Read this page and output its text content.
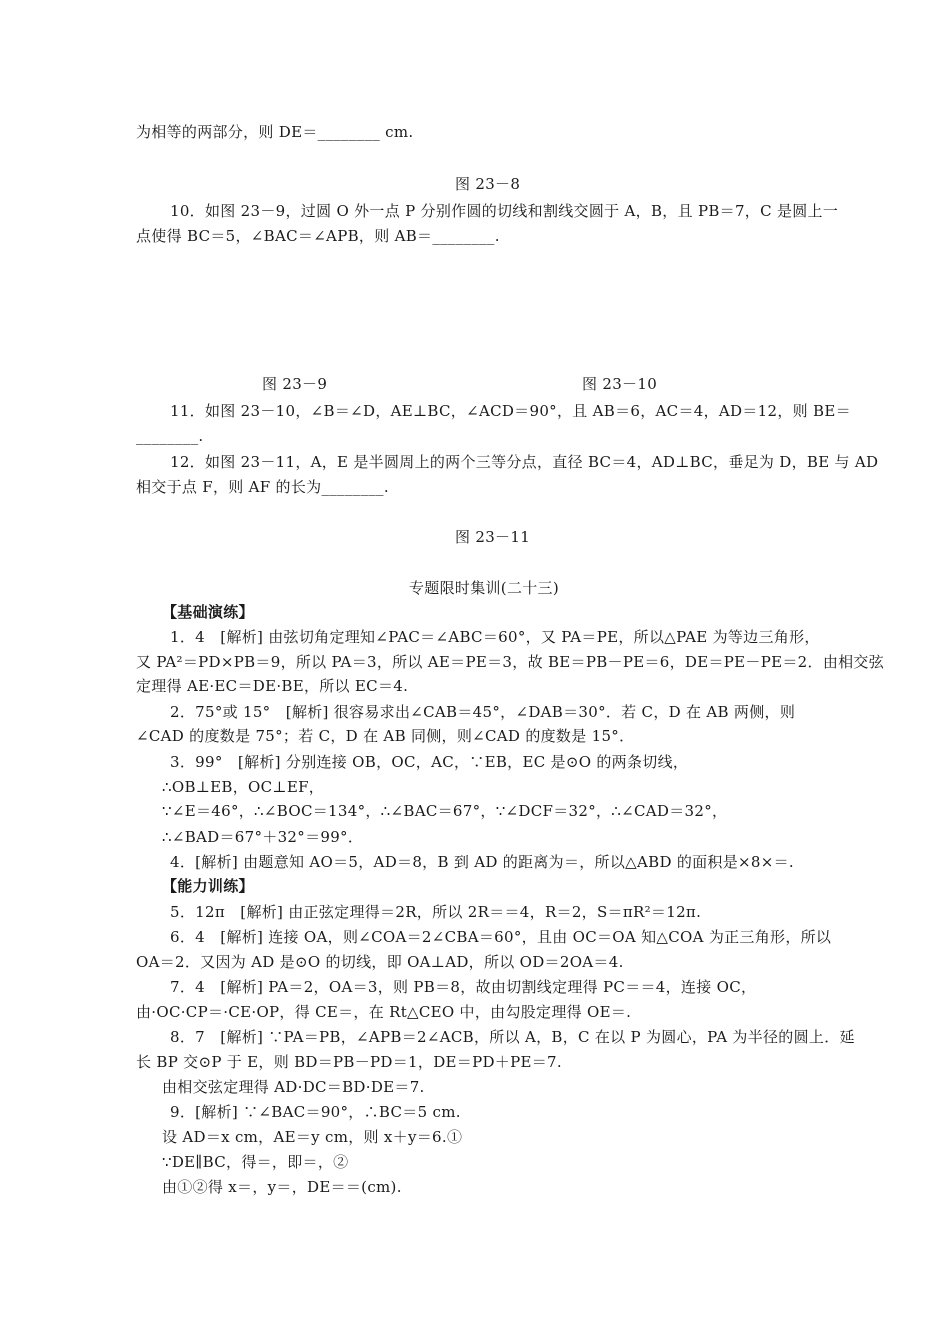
为相等的两部分，则 DE＝________ cm.
图 23－8
10．如图 23－9，过圆 O 外一点 P 分别作圆的切线和割线交圆于 A，B，且 PB＝7，C 是圆上一
点使得 BC＝5，∠BAC＝∠APB，则 AB＝________.
图 23－9	图 23－10
11．如图 23－10，∠B＝∠D，AE⊥BC，∠ACD＝90°，且 AB＝6，AC＝4，AD＝12，则 BE＝
________.
12．如图 23－11，A，E 是半圆周上的两个三等分点，直径 BC＝4，AD⊥BC，垂足为 D，BE 与 AD
相交于点 F，则 AF 的长为________.
图 23－11
专题限时集训(二十三)
【基础演练】
1．4　[解析] 由弦切角定理知∠PAC＝∠ABC＝60°，又 PA＝PE，所以△PAE 为等边三角形，
又 PA²＝PD×PB＝9，所以 PA＝3，所以 AE＝PE＝3，故 BE＝PB－PE＝6，DE＝PE－PE＝2．由相交弦
定理得 AE·EC＝DE·BE，所以 EC＝4.
2．75°或 15°　[解析] 很容易求出∠CAB＝45°，∠DAB＝30°．若 C，D 在 AB 两侧，则
∠CAD 的度数是 75°；若 C，D 在 AB 同侧，则∠CAD 的度数是 15°．
3．99°　[解析] 分别连接 OB，OC，AC，∵EB，EC 是⊙O 的两条切线，
∴OB⊥EB，OC⊥EF，
∵∠E＝46°，∴∠BOC＝134°，∴∠BAC＝67°，∵∠DCF＝32°，∴∠CAD＝32°，
∴∠BAD＝67°＋32°＝99°．
4．[解析] 由题意知 AO＝5，AD＝8，B 到 AD 的距离为＝，所以△ABD 的面积是×8×＝.
【能力训练】
5．12π　[解析] 由正弦定理得＝2R，所以 2R＝＝4，R＝2，S＝πR²＝12π.
6．4　[解析] 连接 OA，则∠COA＝2∠CBA＝60°，且由 OC＝OA 知△COA 为正三角形，所以
OA＝2．又因为 AD 是⊙O 的切线，即 OA⊥AD，所以 OD＝2OA＝4.
7．4　[解析] PA＝2，OA＝3，则 PB＝8，故由切割线定理得 PC＝＝4，连接 OC，
由·OC·CP＝·CE·OP，得 CE＝，在 Rt△CEO 中，由勾股定理得 OE＝.
8．7　[解析] ∵PA＝PB，∠APB＝2∠ACB，所以 A，B，C 在以 P 为圆心，PA 为半径的圆上．延
长 BP 交⊙P 于 E，则 BD＝PB－PD＝1，DE＝PD＋PE＝7.
由相交弦定理得 AD·DC＝BD·DE＝7.
9．[解析] ∵∠BAC＝90°，∴BC＝5 cm.
设 AD＝x cm，AE＝y cm，则 x＋y＝6.①
∵DE∥BC，得＝，即＝，②
由①②得 x＝，y＝，DE＝＝(cm).
